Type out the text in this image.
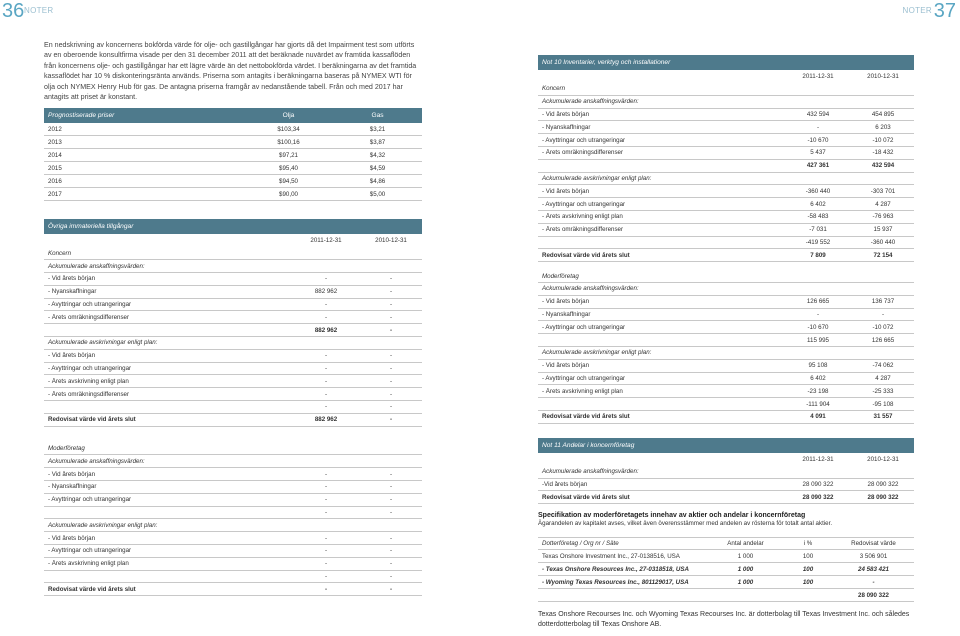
36 NOTER	NOTER 37

En nedskrivning av koncernens bokförda värde för olje- och gastillgångar har gjorts då det Impairment test som utförts av en oberoende konsultfirma visade per den 31 december 2011 att det beräknade nuvärdet av framtida kassaflöden från koncernens olje- och gastillgångar har ett lägre värde än det nettobokförda värdet. I beräkningarna av det framtida kassaflödet har 10 % diskonteringsränta används. Priserna som antagits i beräkningarna baseras på NYMEX WTI för olja och NYMEX Henry Hub för gas. De antagna priserna framgår av nedanstående tabell. Från och med 2017 har antagits att priset är konstant.

Prognostiserade priser	Olja	Gas
2012	$103,34	$3,21
2013	$100,16	$3,87
2014	$97,21	$4,32
2015	$95,40	$4,59
2016	$94,50	$4,86
2017	$90,00	$5,00
Övriga immateriella tillgångar
2011-12-31	2010-12-31
Koncern
Ackumulerade anskaffningsvärden:
- Vid årets början	-	-
- Nyanskaffningar	882 962	-
- Avyttringar och utrangeringar	-	-
- Årets omräkningsdifferenser	-	-
882 962	-
Ackumulerade avskrivningar enligt plan:
- Vid årets början	-	-
- Avyttringar och utrangeringar	-	-
- Årets avskrivning enligt plan	-	-
- Årets omräkningsdifferenser	-	-
-	-
Redovisat värde vid årets slut	882 962	-
Moderföretag
Ackumulerade anskaffningsvärden:
- Vid årets början	-	-
- Nyanskaffningar	-	-
- Avyttringar och utrangeringar	-	-
-	-
Ackumulerade avskrivningar enligt plan:
- Vid årets början	-	-
- Avyttringar och utrangeringar	-	-
- Årets avskrivning enligt plan	-	-
-	-
Redovisat värde vid årets slut	-	-
Not 10 Inventarier, verktyg och installationer
2011-12-31	2010-12-31
Koncern
Ackumulerade anskaffningsvärden:
- Vid årets början	432 594	454 895
- Nyanskaffningar	-	6 203
- Avyttringar och utrangeringar	-10 670	-10 072
- Årets omräkningsdifferenser	5 437	-18 432
427 361	432 594
Ackumulerade avskrivningar enligt plan:
- Vid årets början	-360 440	-303 701
- Avyttringar och utrangeringar	6 402	4 287
- Årets avskrivning enligt plan	-58 483	-76 963
- Årets omräkningsdifferenser	-7 031	15 937
-419 552	-360 440
Redovisat värde vid årets slut	7 809	72 154
Moderföretag
Ackumulerade anskaffningsvärden:
- Vid årets början	126 665	136 737
- Nyanskaffningar	-	-
- Avyttringar och utrangeringar	-10 670	-10 072
115 995	126 665
Ackumulerade avskrivningar enligt plan:
- Vid årets början	95 108	-74 062
- Avyttringar och utrangeringar	6 402	4 287
- Årets avskrivning enligt plan	-23 198	-25 333
-111 904	-95 108
Redovisat värde vid årets slut	4 091	31 557
Not 11 Andelar i koncernföretag
2011-12-31	2010-12-31
Ackumulerade anskaffningsvärden:
-Vid årets början	28 090 322	28 090 322
Redovisat värde vid årets slut	28 090 322	28 090 322
Specifikation av moderföretagets innehav av aktier och andelar i koncernföretag
Ägarandelen av kapitalet avses, vilket även överensstämmer med andelen av rösterna för totalt antal aktier.
Dotterföretag / Org nr / Säte	Antal andelar	i %	Redovisat värde
Texas Onshore Investment Inc., 27-0138516, USA	1 000	100	3 506 901
- Texas Onshore Resources Inc., 27-0318518, USA	1 000	100	24 583 421
- Wyoming Texas Resources Inc., 801129017, USA	1 000	100	-
28 090 322

Texas Onshore Recourses Inc. och Wyoming Texas Recourses Inc. är dotterbolag till Texas Investment Inc. och således dotterdotterbolag till Texas Onshore AB.
